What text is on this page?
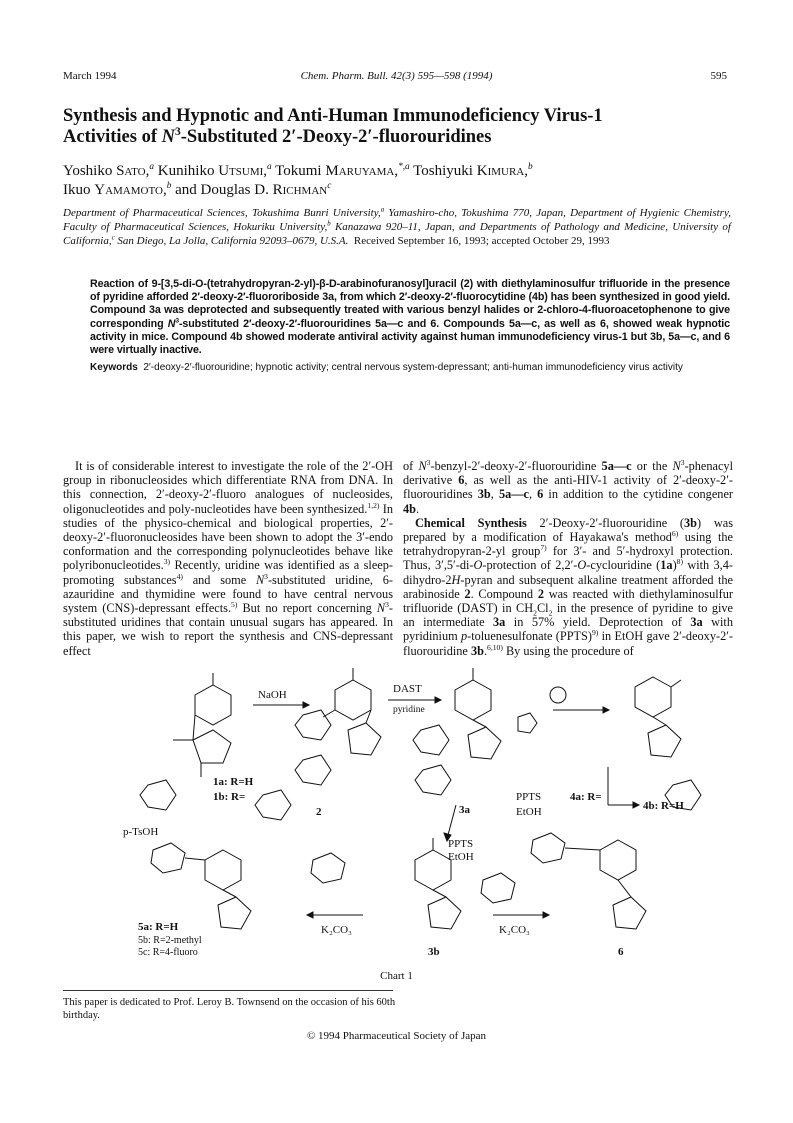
March 1994	Chem. Pharm. Bull. 42(3) 595—598 (1994)	595
Synthesis and Hypnotic and Anti-Human Immunodeficiency Virus-1
Activities of $N^3$-Substituted 2′-Deoxy-2′-fluorouridines
Yoshiko Sato,$^a$ Kunihiko Utsumi,$^a$ Tokumi Maruyama,$^{*,a}$ Toshiyuki Kimura,$^b$
Ikuo Yamamoto,$^b$ and Douglas D. Richman$^c$
Department of Pharmaceutical Sciences, Tokushima Bunri University,$^a$ Yamashiro-cho, Tokushima 770, Japan, Department of Hygienic Chemistry, Faculty of Pharmaceutical Sciences, Hokuriku University,$^b$ Kanazawa 920–11, Japan, and Departments of Pathology and Medicine, University of California,$^c$ San Diego, La Jolla, California 92093–0679, U.S.A. Received September 16, 1993; accepted October 29, 1993
Reaction of 9-[3,5-di-O-(tetrahydropyran-2-yl)-β-D-arabinofuranosyl]uracil (2) with diethylaminosulfur trifluoride in the presence of pyridine afforded 2′-deoxy-2′-fluororiboside 3a, from which 2′-deoxy-2′-fluorocytidine (4b) has been synthesized in good yield. Compound 3a was deprotected and subsequently treated with various benzyl halides or 2-chloro-4-fluoroacetophenone to give corresponding $N^3$-substituted 2′-deoxy-2′-fluorouridines 5a—c and 6. Compounds 5a—c, as well as 6, showed weak hypnotic activity in mice. Compound 4b showed moderate antiviral activity against human immunodeficiency virus-1 but 3b, 5a—c, and 6 were virtually inactive.
Keywords 2′-deoxy-2′-fluorouridine; hypnotic activity; central nervous system-depressant; anti-human immunodeficiency virus activity

It is of considerable interest to investigate the role of the 2′-OH group in ribonucleosides which differentiate RNA from DNA. In this connection, 2′-deoxy-2′-fluoro analogues of nucleosides, oligonucleotides and poly-nucleotides have been synthesized.$^{1,2)}$ In studies of the physico-chemical and biological properties, 2′-deoxy-2′-fluoronucleosides have been shown to adopt the 3′-endo conformation and the corresponding polynucleotides behave like polyribonucleotides.$^{3)}$ Recently, uridine was identified as a sleep-promoting substances$^{4)}$ and some $N^3$-substituted uridine, 6-azauridine and thymidine were found to have central nervous system (CNS)-depressant effects.$^{5)}$ But no report concerning $N^3$-substituted uridines that contain unusual sugars has appeared. In this paper, we wish to report the synthesis and CNS-depressant effect

of $N^3-benzyl-2'-deoxy-2'$-fluorouridine 5a—c or the $N^3$-phenacyl derivative 6, as well as the anti-HIV-1 activity of 2′-deoxy-2′-fluorouridines 3b, 5a—c, 6 in addition to the cytidine congener 4b.

Chemical Synthesis 2′-Deoxy-2′-fluorouridine (3b) was prepared by a modification of Hayakawa's method$^{6)}$ using the tetrahydropyran-2-yl group$^{7)}$ for 3′- and 5′-hydroxyl protection. Thus, 3′,5′-di-O-protection of 2,2′-O-cyclouridine $(1a)^{8)}$ with 3,4-dihydro-2H-pyran and subsequent alkaline treatment afforded the arabinoside 2. Compound 2 was reacted with diethylaminosulfur trifluoride (DAST) in $CH_2Cl_2$ in the presence of pyridine to give an intermediate 3a in 57% yield. Deprotection of 3a with pyridinium p-toluenesulfonate (PPTS)$^{9)}$ in EtOH gave 2′-deoxy-2′-fluorouridine 3b.$^{6,10)}$ By using the procedure of

NaOH	DAST
pyridine
p-TsOH
PPTS
EtOH
PPTS
EtOH
K₂CO₃	K₂CO₃
1a: R=H
1b: R=
2	3a
3b
4a: R=
4b: R=H
5a: R=H
5b: R=2-methyl
5c: R=4-fluoro	6
Chart 1
This paper is dedicated to Prof. Leroy B. Townsend on the occasion of his 60th birthday.
© 1994 Pharmaceutical Society of Japan
